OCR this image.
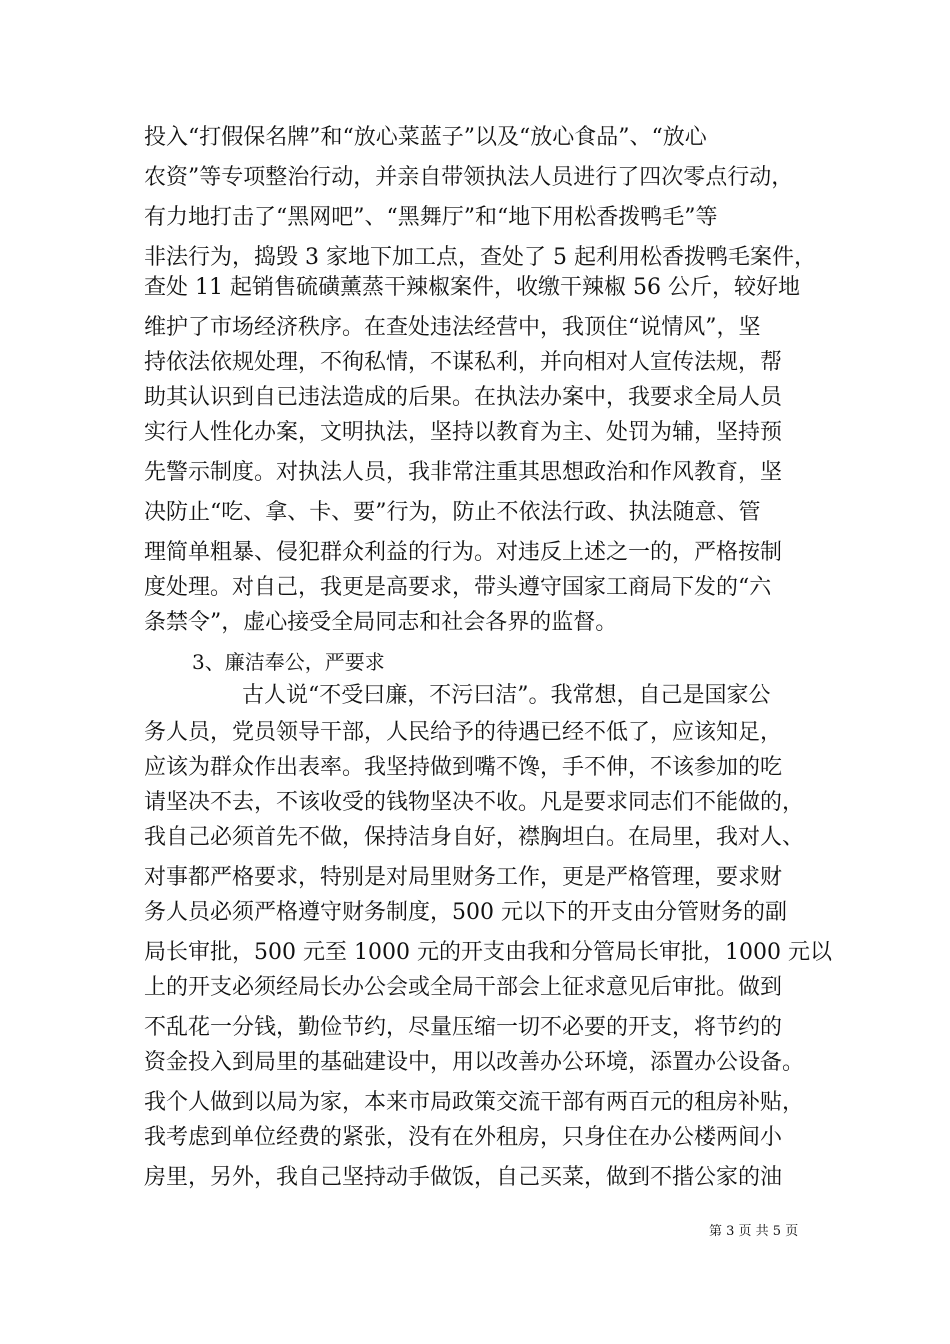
投入“打假保名牌”和“放心菜蓝子”以及“放心食品”、“放心
农资”等专项整治行动，并亲自带领执法人员进行了四次零点行动，
有力地打击了“黑网吧”、“黑舞厅”和“地下用松香拨鸭毛”等
非法行为，捣毁 3 家地下加工点，查处了 5 起利用松香拨鸭毛案件，
查处 11 起销售硫磺薰蒸干辣椒案件，收缴干辣椒 56 公斤，较好地
维护了市场经济秩序。在查处违法经营中，我顶住“说情风”，坚
持依法依规处理，不徇私情，不谋私利，并向相对人宣传法规，帮
助其认识到自已违法造成的后果。在执法办案中，我要求全局人员
实行人性化办案，文明执法，坚持以教育为主、处罚为辅，坚持预
先警示制度。对执法人员，我非常注重其思想政治和作风教育，坚
决防止“吃、拿、卡、要”行为，防止不依法行政、执法随意、管
理简单粗暴、侵犯群众利益的行为。对违反上述之一的，严格按制
度处理。对自己，我更是高要求，带头遵守国家工商局下发的“六
条禁令”，虚心接受全局同志和社会各界的监督。
3、廉洁奉公，严要求
古人说“不受曰廉，不污曰洁”。我常想，自己是国家公
务人员，党员领导干部，人民给予的待遇已经不低了，应该知足，
应该为群众作出表率。我坚持做到嘴不馋，手不伸，不该参加的吃
请坚决不去，不该收受的钱物坚决不收。凡是要求同志们不能做的，
我自己必须首先不做，保持洁身自好，襟胸坦白。在局里，我对人、
对事都严格要求，特别是对局里财务工作，更是严格管理，要求财
务人员必须严格遵守财务制度，500 元以下的开支由分管财务的副
局长审批，500 元至 1000 元的开支由我和分管局长审批，1000 元以
上的开支必须经局长办公会或全局干部会上征求意见后审批。做到
不乱花一分钱，勤俭节约，尽量压缩一切不必要的开支，将节约的
资金投入到局里的基础建设中，用以改善办公环境，添置办公设备。
我个人做到以局为家，本来市局政策交流干部有两百元的租房补贴，
我考虑到单位经费的紧张，没有在外租房，只身住在办公楼两间小
房里，另外，我自己坚持动手做饭，自己买菜，做到不揩公家的油
第 3 页 共 5 页
